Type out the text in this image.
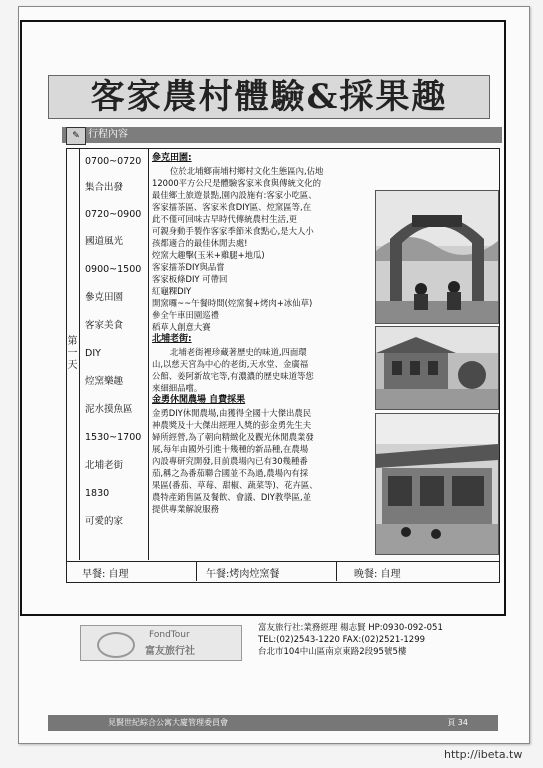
客家農村體驗&採果趣
✎ 行程內容
第一天
0700~0720
集合出發
0720~0900
國道風光
0900~1500
參克田園
客家美食
DIY
焢窯樂趣
泥水摸魚區
1530~1700
北埔老街
1830
可愛的家
參克田園:
位於北埔鄉南埔村鄉村文化生態區內,佔地
12000平方公尺是體驗客家米食與傳統文化的
最佳鄉土旅遊景點,園內設施有:客家小吃區、
客家擂茶區、客家米食DIY區、焢窯區等,在
此不僅可回味古早時代傳統農村生活,更
可親身動手製作客家季節米食點心,是大人小
孩都適合的最佳休閒去處!
焢窯大趣擊(玉米+雞腿+地瓜)
客家擂茶DIY與品嘗
客家板條DIY 可帶回
紅龜粿DIY
開窯囉~~午餐時間(焢窯餐+烤肉+冰仙草)
參全午車田園巡禮
稻草人創意大賽
北埔老街:
北埔老街裡珍藏著歷史的味道,四面環
山,以慈天宮為中心的老街,天水堂、金廣福
公館、姜阿新故宅等,有濃濃的歷史味道等您
來細細品嚐。
金勇休閒農場 自費採果
金勇DIY休閒農場,由獲得全國十大傑出農民
神農獎及十大傑出經理人獎的彭金勇先生夫
婦所經營,為了朝向精緻化及觀光休閒農業發
展,每年由國外引進十幾種的新品種,在農場
內設專研究開發,目前農場內已有30幾種番
茄,稱之為番茄聯合國並不為過,農場內有採
果區(番茄、草莓、甜椒、蔬菜等)、花卉區、
農特產銷售區及餐飲、會議、DIY教學區,並
提供專業解說服務
早餐: 自理	午餐:烤肉焢窯餐	晚餐: 自理
FondTour
富友旅行社
富友旅行社:業務經理 楊志賢 HP:0930-092-051
TEL:(02)2543-1220 FAX:(02)2521-1299
台北市104中山區南京東路2段95號5樓
見賢世紀綜合公寓大廈管理委員會	頁 34
http://ibeta.tw
